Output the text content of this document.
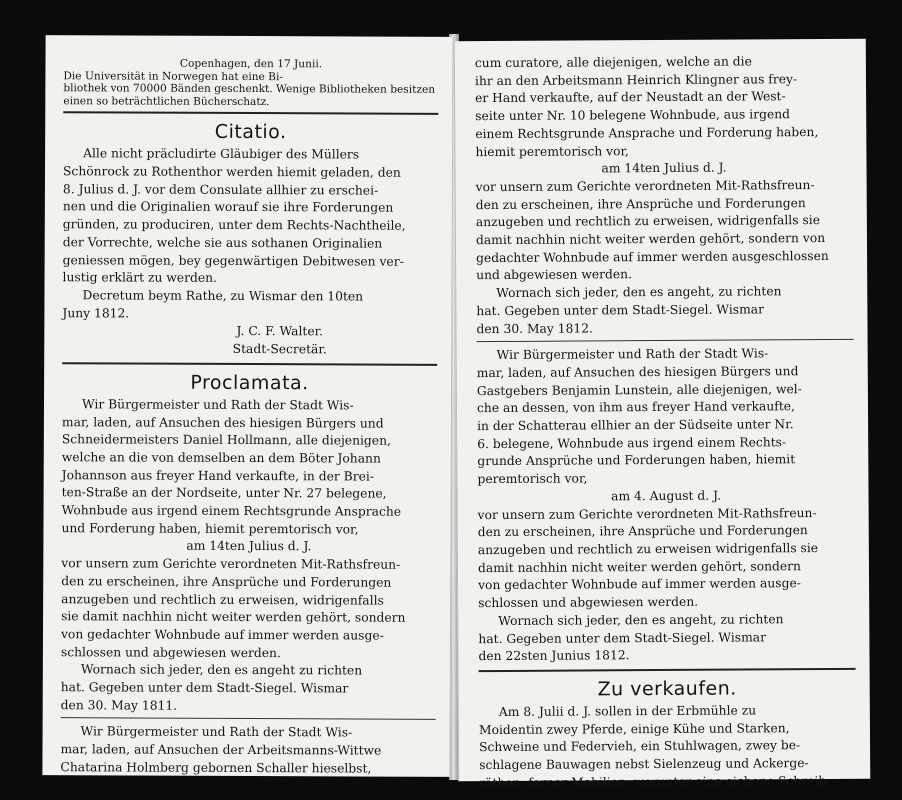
Copenhagen, den 17 Junii.
Die Universität in Norwegen hat eine Bi-
bliothek von 70000 Bänden geschenkt. Wenige Bibliotheken besitzen
einen so beträchtlichen Bücherschatz.
Citatio.
Alle nicht präcludirte Gläubiger des Müllers
Schönrock zu Rothenthor werden hiemit geladen, den
8. Julius d. J. vor dem Consulate allhier zu erschei-
nen und die Originalien worauf sie ihre Forderungen
gründen, zu produciren, unter dem Rechts-Nachtheile,
der Vorrechte, welche sie aus sothanen Originalien
geniessen mögen, bey gegenwärtigen Debitwesen ver-
lustig erklärt zu werden.
Decretum beym Rathe, zu Wismar den 10ten
Juny 1812.
J. C. F. Walter.
Stadt-Secretär.
Proclamata.
Wir Bürgermeister und Rath der Stadt Wis-
mar, laden, auf Ansuchen des hiesigen Bürgers und
Schneidermeisters Daniel Hollmann, alle diejenigen,
welche an die von demselben an dem Böter Johann
Johannson aus freyer Hand verkaufte, in der Brei-
ten-Straße an der Nordseite, unter Nr. 27 belegene,
Wohnbude aus irgend einem Rechtsgrunde Ansprache
und Forderung haben, hiemit peremtorisch vor,
am 14ten Julius d. J.
vor unsern zum Gerichte verordneten Mit-Rathsfreun-
den zu erscheinen, ihre Ansprüche und Forderungen
anzugeben und rechtlich zu erweisen, widrigenfalls
sie damit nachhin nicht weiter werden gehört, sondern
von gedachter Wohnbude auf immer werden ausge-
schlossen und abgewiesen werden.
Wornach sich jeder, den es angeht zu richten
hat. Gegeben unter dem Stadt-Siegel. Wismar
den 30. May 1811.
Wir Bürgermeister und Rath der Stadt Wis-
mar, laden, auf Ansuchen der Arbeitsmanns-Wittwe
Chatarina Holmberg gebornen Schaller hieselbst,
cum curatore, alle diejenigen, welche an die
ihr an den Arbeitsmann Heinrich Klingner aus frey-
er Hand verkaufte, auf der Neustadt an der West-
seite unter Nr. 10 belegene Wohnbude, aus irgend
einem Rechtsgrunde Ansprache und Forderung haben,
hiemit peremtorisch vor,
am 14ten Julius d. J.
vor unsern zum Gerichte verordneten Mit-Rathsfreun-
den zu erscheinen, ihre Ansprüche und Forderungen
anzugeben und rechtlich zu erweisen, widrigenfalls sie
damit nachhin nicht weiter werden gehört, sondern von
gedachter Wohnbude auf immer werden ausgeschlossen
und abgewiesen werden.
Wornach sich jeder, den es angeht, zu richten
hat. Gegeben unter dem Stadt-Siegel. Wismar
den 30. May 1812.
Wir Bürgermeister und Rath der Stadt Wis-
mar, laden, auf Ansuchen des hiesigen Bürgers und
Gastgebers Benjamin Lunstein, alle diejenigen, wel-
che an dessen, von ihm aus freyer Hand verkaufte,
in der Schatterau ellhier an der Südseite unter Nr.
6. belegene, Wohnbude aus irgend einem Rechts-
grunde Ansprüche und Forderungen haben, hiemit
peremtorisch vor,
am 4. August d. J.
vor unsern zum Gerichte verordneten Mit-Rathsfreun-
den zu erscheinen, ihre Ansprüche und Forderungen
anzugeben und rechtlich zu erweisen widrigenfalls sie
damit nachhin nicht weiter werden gehört, sondern
von gedachter Wohnbude auf immer werden ausge-
schlossen und abgewiesen werden.
Wornach sich jeder, den es angeht, zu richten
hat. Gegeben unter dem Stadt-Siegel. Wismar
den 22sten Junius 1812.
Zu verkaufen.
Am 8. Julii d. J. sollen in der Erbmühle zu
Moidentin zwey Pferde, einige Kühe und Starken,
Schweine und Federvieh, ein Stuhlwagen, zwey be-
schlagene Bauwagen nebst Sielenzeug und Ackerge-
räthen, ferner Mobilien, worunter eine eichene Schreib-
